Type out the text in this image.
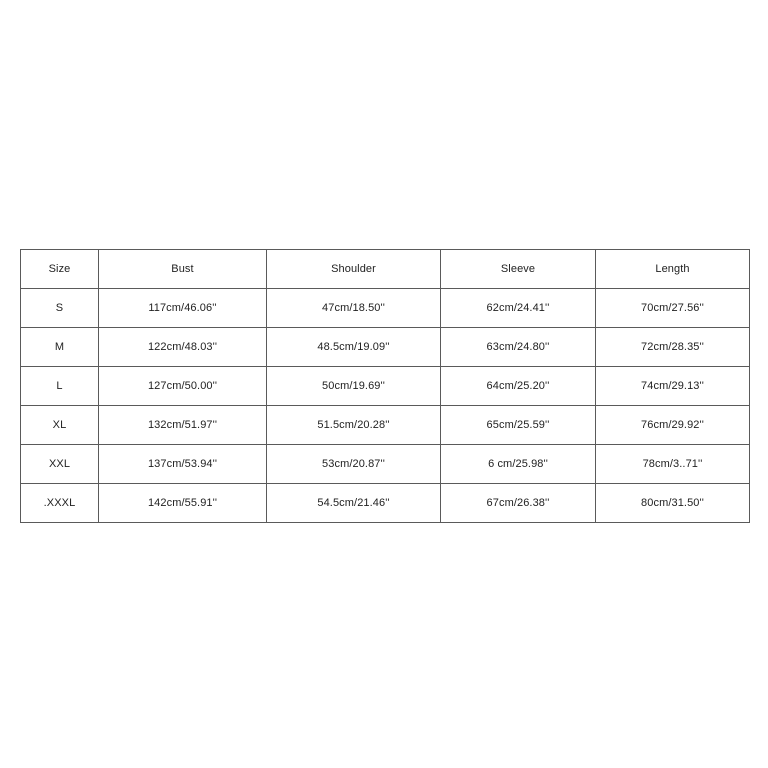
Size	Bust	Shoulder	Sleeve	Length
S	117cm/46.06''	47cm/18.50''	62cm/24.41''	70cm/27.56''
M	122cm/48.03''	48.5cm/19.09''	63cm/24.80''	72cm/28.35''
L	127cm/50.00''	50cm/19.69''	64cm/25.20''	74cm/29.13''
XL	132cm/51.97''	51.5cm/20.28''	65cm/25.59''	76cm/29.92''
XXL	137cm/53.94''	53cm/20.87''	6 cm/25.98''	78cm/3..71''
.XXXL	142cm/55.91''	54.5cm/21.46''	67cm/26.38''	80cm/31.50''
